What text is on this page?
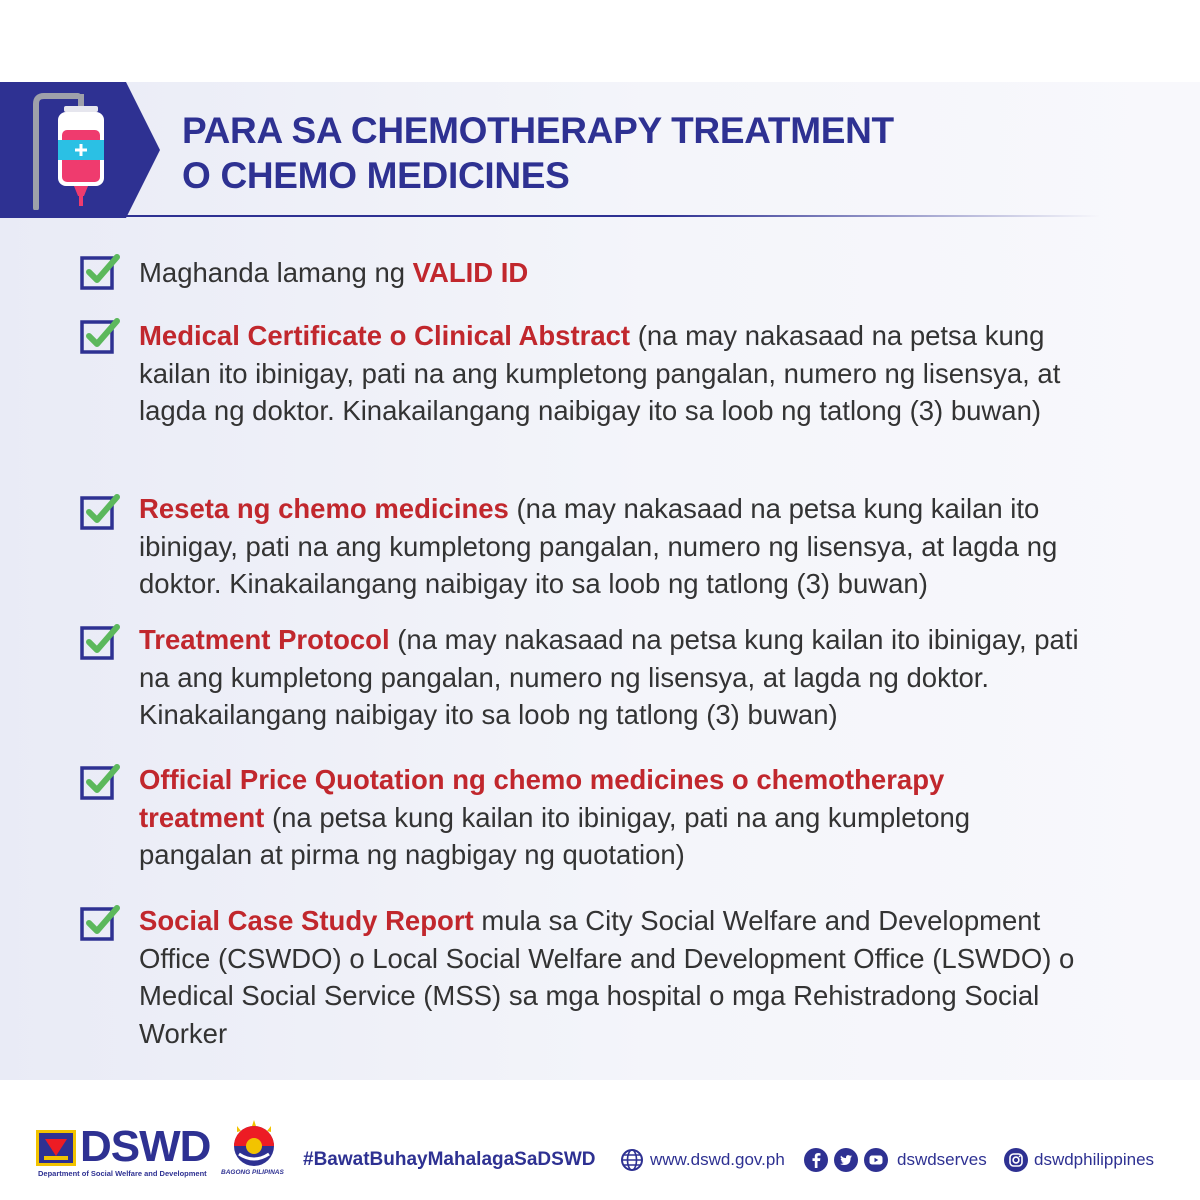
PARA SA CHEMOTHERAPY TREATMENT
O CHEMO MEDICINES
Maghanda lamang ng VALID ID
Medical Certificate o Clinical Abstract (na may nakasaad na petsa kung kailan ito ibinigay, pati na ang kumpletong pangalan, numero ng lisensya, at lagda ng doktor. Kinakailangang naibigay ito sa loob ng tatlong (3) buwan)
Reseta ng chemo medicines (na may nakasaad na petsa kung kailan ito ibinigay, pati na ang kumpletong pangalan, numero ng lisensya, at lagda ng doktor. Kinakailangang naibigay ito sa loob ng tatlong (3) buwan)
Treatment Protocol (na may nakasaad na petsa kung kailan ito ibinigay, pati na ang kumpletong pangalan, numero ng lisensya, at lagda ng doktor. Kinakailangang naibigay ito sa loob ng tatlong (3) buwan)
Official Price Quotation ng chemo medicines o chemotherapy treatment (na petsa kung kailan ito ibinigay, pati na ang kumpletong pangalan at pirma ng nagbigay ng quotation)
Social Case Study Report mula sa City Social Welfare and Development Office (CSWDO) o Local Social Welfare and Development Office (LSWDO) o Medical Social Service (MSS) sa mga hospital o mga Rehistradong Social Worker
DSWD
Department of Social Welfare and Development BAGONG PILIPINAS
#BawatBuhayMahalagaSaDSWD	www.dswd.gov.ph	dswdserves	dswdphilippines
